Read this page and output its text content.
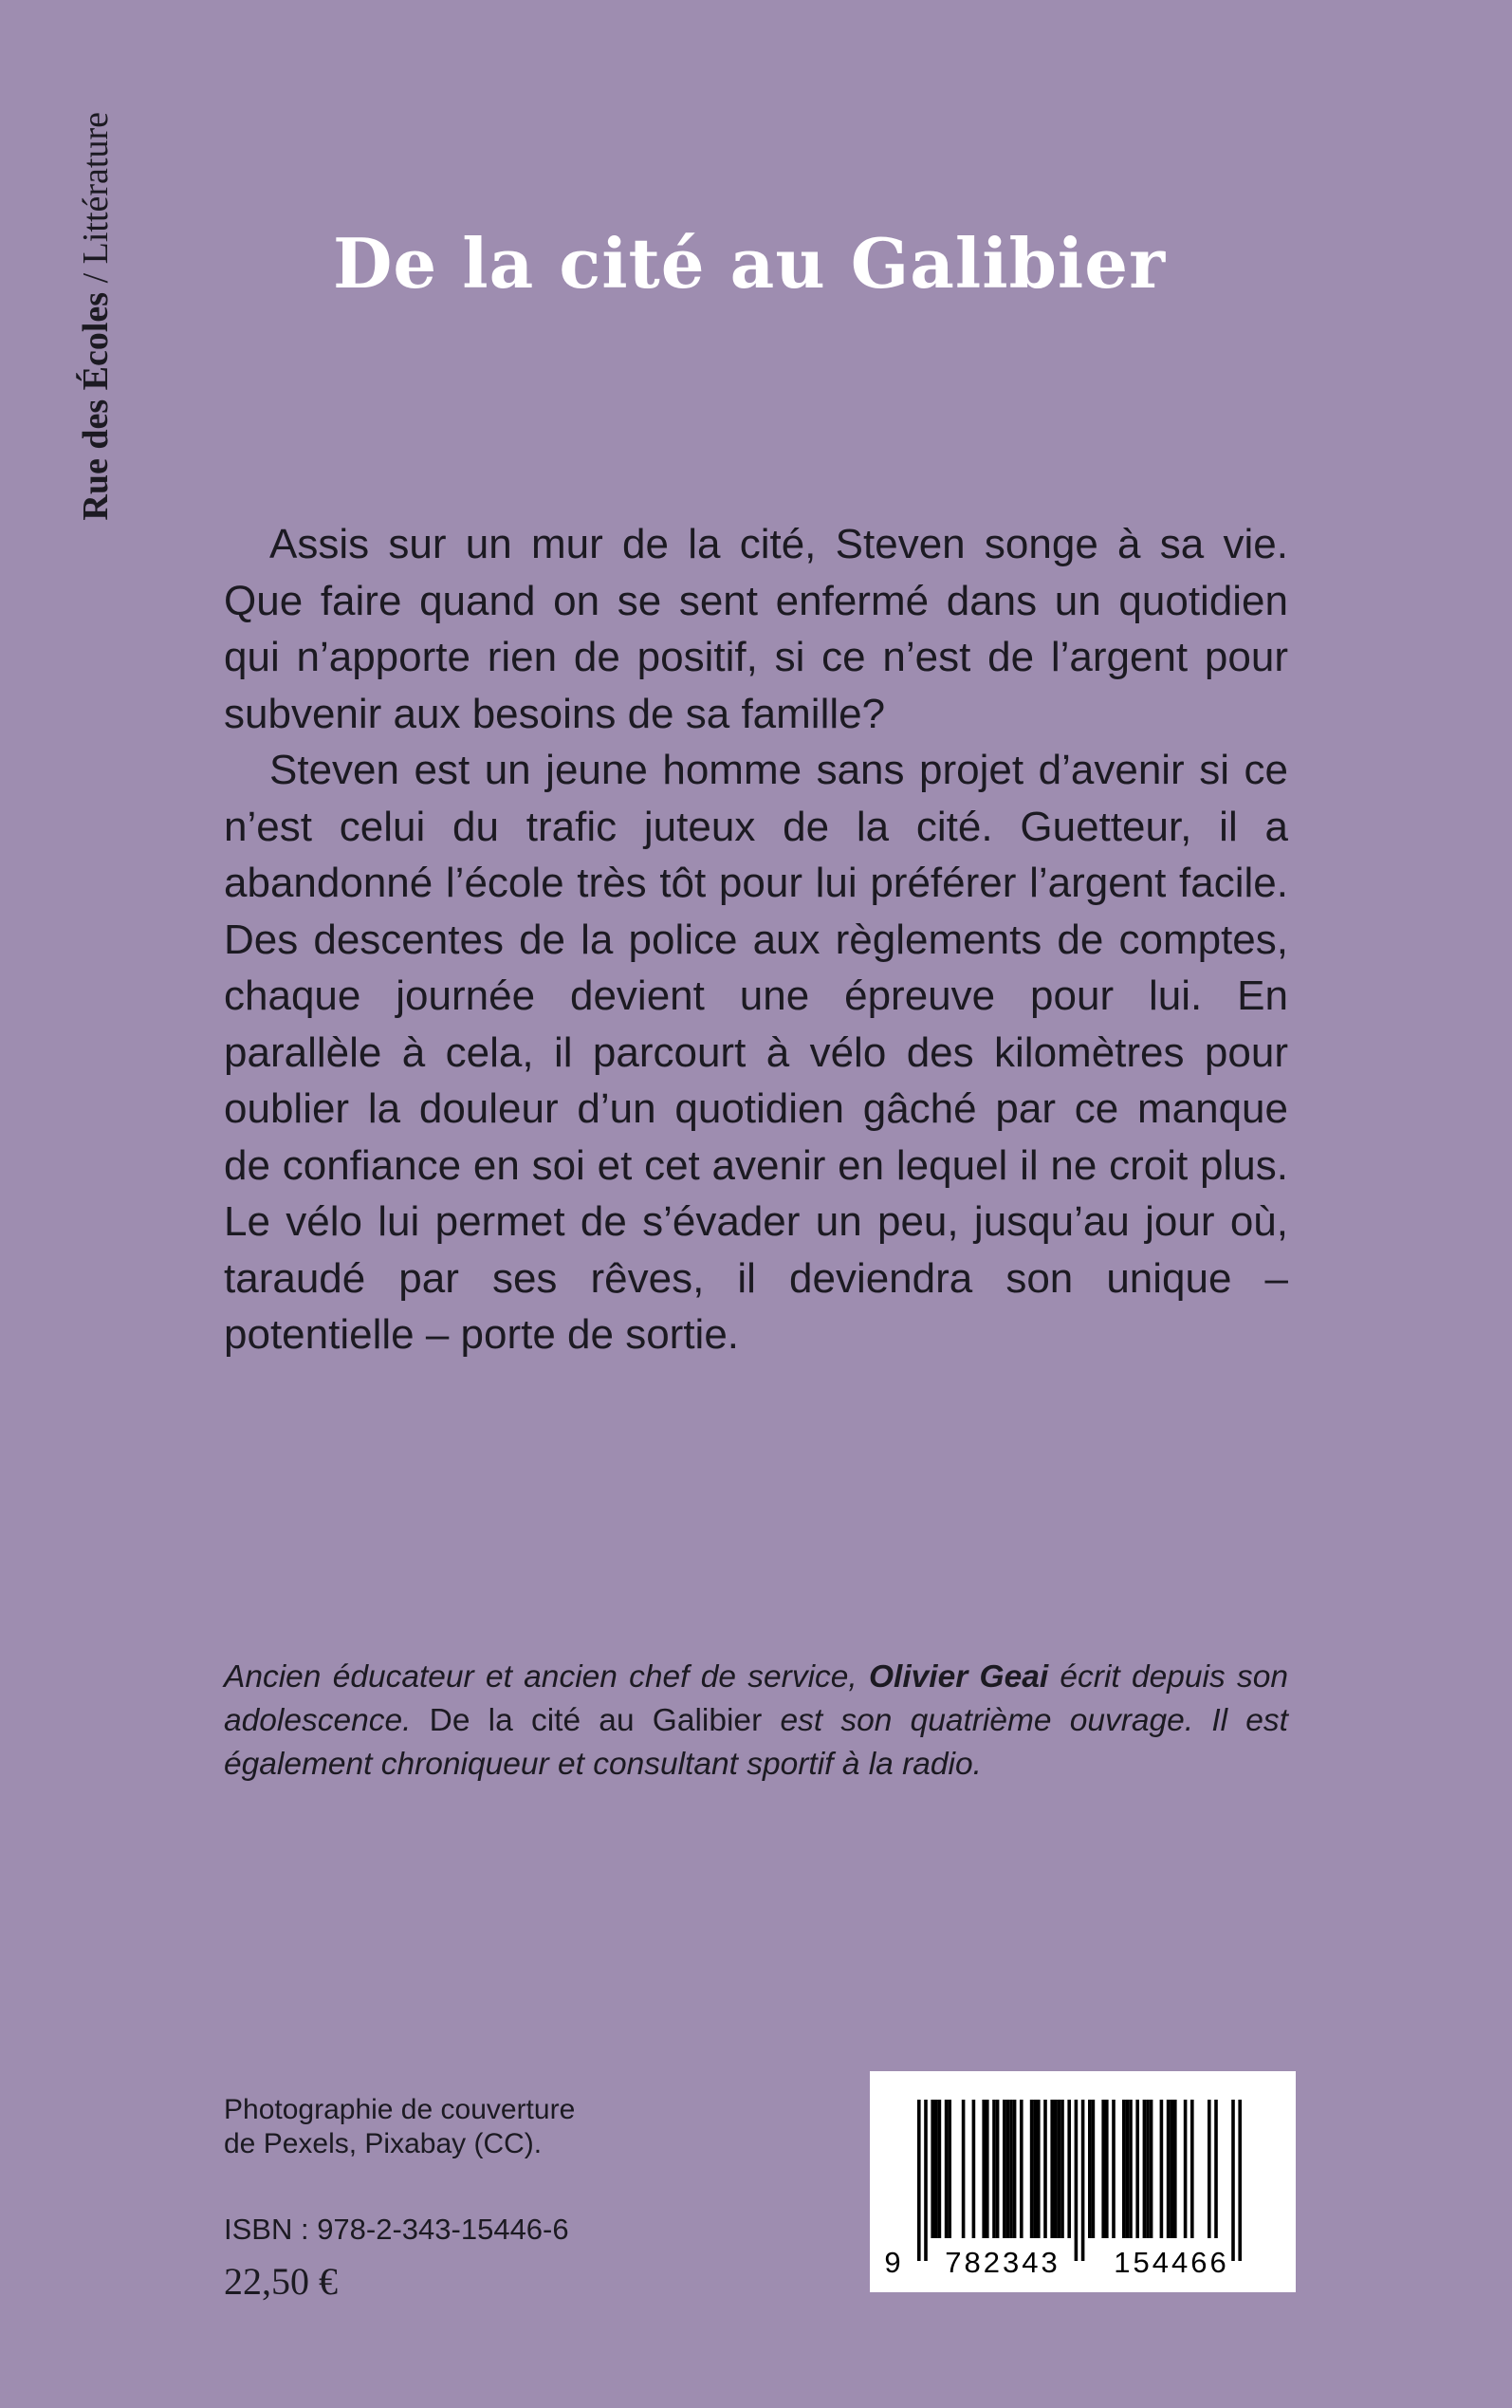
Rue des Écoles / Littérature	De la cité au Galibier

Assis sur un mur de la cité, Steven songe à sa vie. Que faire quand on se sent enfermé dans un quotidien qui n’apporte rien de positif, si ce n’est de l’argent pour subvenir aux besoins de sa famille?

Steven est un jeune homme sans projet d’avenir si ce n’est celui du trafic juteux de la cité. Guetteur, il a abandonné l’école très tôt pour lui préférer l’argent facile. Des descentes de la police aux règlements de comptes, chaque journée devient une épreuve pour lui. En parallèle à cela, il parcourt à vélo des kilomètres pour oublier la douleur d’un quotidien gâché par ce manque de confiance en soi et cet avenir en lequel il ne croit plus. Le vélo lui permet de s’évader un peu, jusqu’au jour où, taraudé par ses rêves, il deviendra son unique – potentielle – porte de sortie.

Ancien éducateur et ancien chef de service, Olivier Geai écrit depuis son adolescence. De la cité au Galibier est son quatrième ouvrage. Il est également chroniqueur et consultant sportif à la radio.

Photographie de couverture
de Pexels, Pixabay (CC).
ISBN : 978-2-343-15446-6
22,50 €	9 782343 154466
